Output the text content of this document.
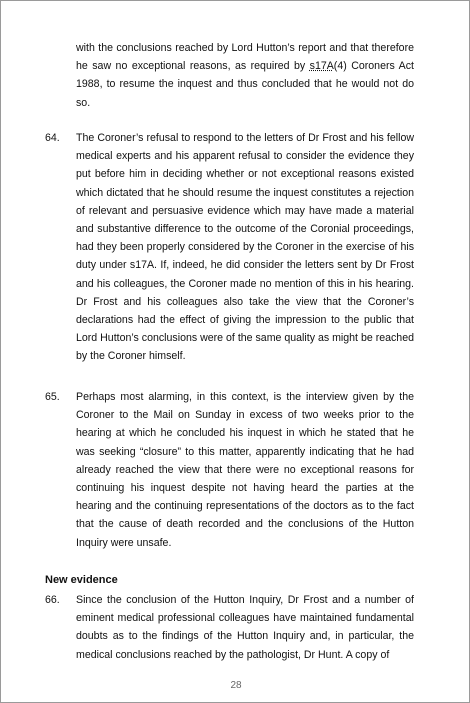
with the conclusions reached by Lord Hutton’s report and that therefore he saw no exceptional reasons, as required by s17A(4) Coroners Act 1988, to resume the inquest and thus concluded that he would not do so.
64.	The Coroner’s refusal to respond to the letters of Dr Frost and his fellow medical experts and his apparent refusal to consider the evidence they put before him in deciding whether or not exceptional reasons existed which dictated that he should resume the inquest constitutes a rejection of relevant and persuasive evidence which may have made a material and substantive difference to the outcome of the Coronial proceedings, had they been properly considered by the Coroner in the exercise of his duty under s17A. If, indeed, he did consider the letters sent by Dr Frost and his colleagues, the Coroner made no mention of this in his hearing. Dr Frost and his colleagues also take the view that the Coroner’s declarations had the effect of giving the impression to the public that Lord Hutton’s conclusions were of the same quality as might be reached by the Coroner himself.
65.	Perhaps most alarming, in this context, is the interview given by the Coroner to the Mail on Sunday in excess of two weeks prior to the hearing at which he concluded his inquest in which he stated that he was seeking “closure” to this matter, apparently indicating that he had already reached the view that there were no exceptional reasons for continuing his inquest despite not having heard the parties at the hearing and the continuing representations of the doctors as to the fact that the cause of death recorded and the conclusions of the Hutton Inquiry were unsafe.
New evidence
66.	Since the conclusion of the Hutton Inquiry, Dr Frost and a number of eminent medical professional colleagues have maintained fundamental doubts as to the findings of the Hutton Inquiry and, in particular, the medical conclusions reached by the pathologist, Dr Hunt. A copy of
28
